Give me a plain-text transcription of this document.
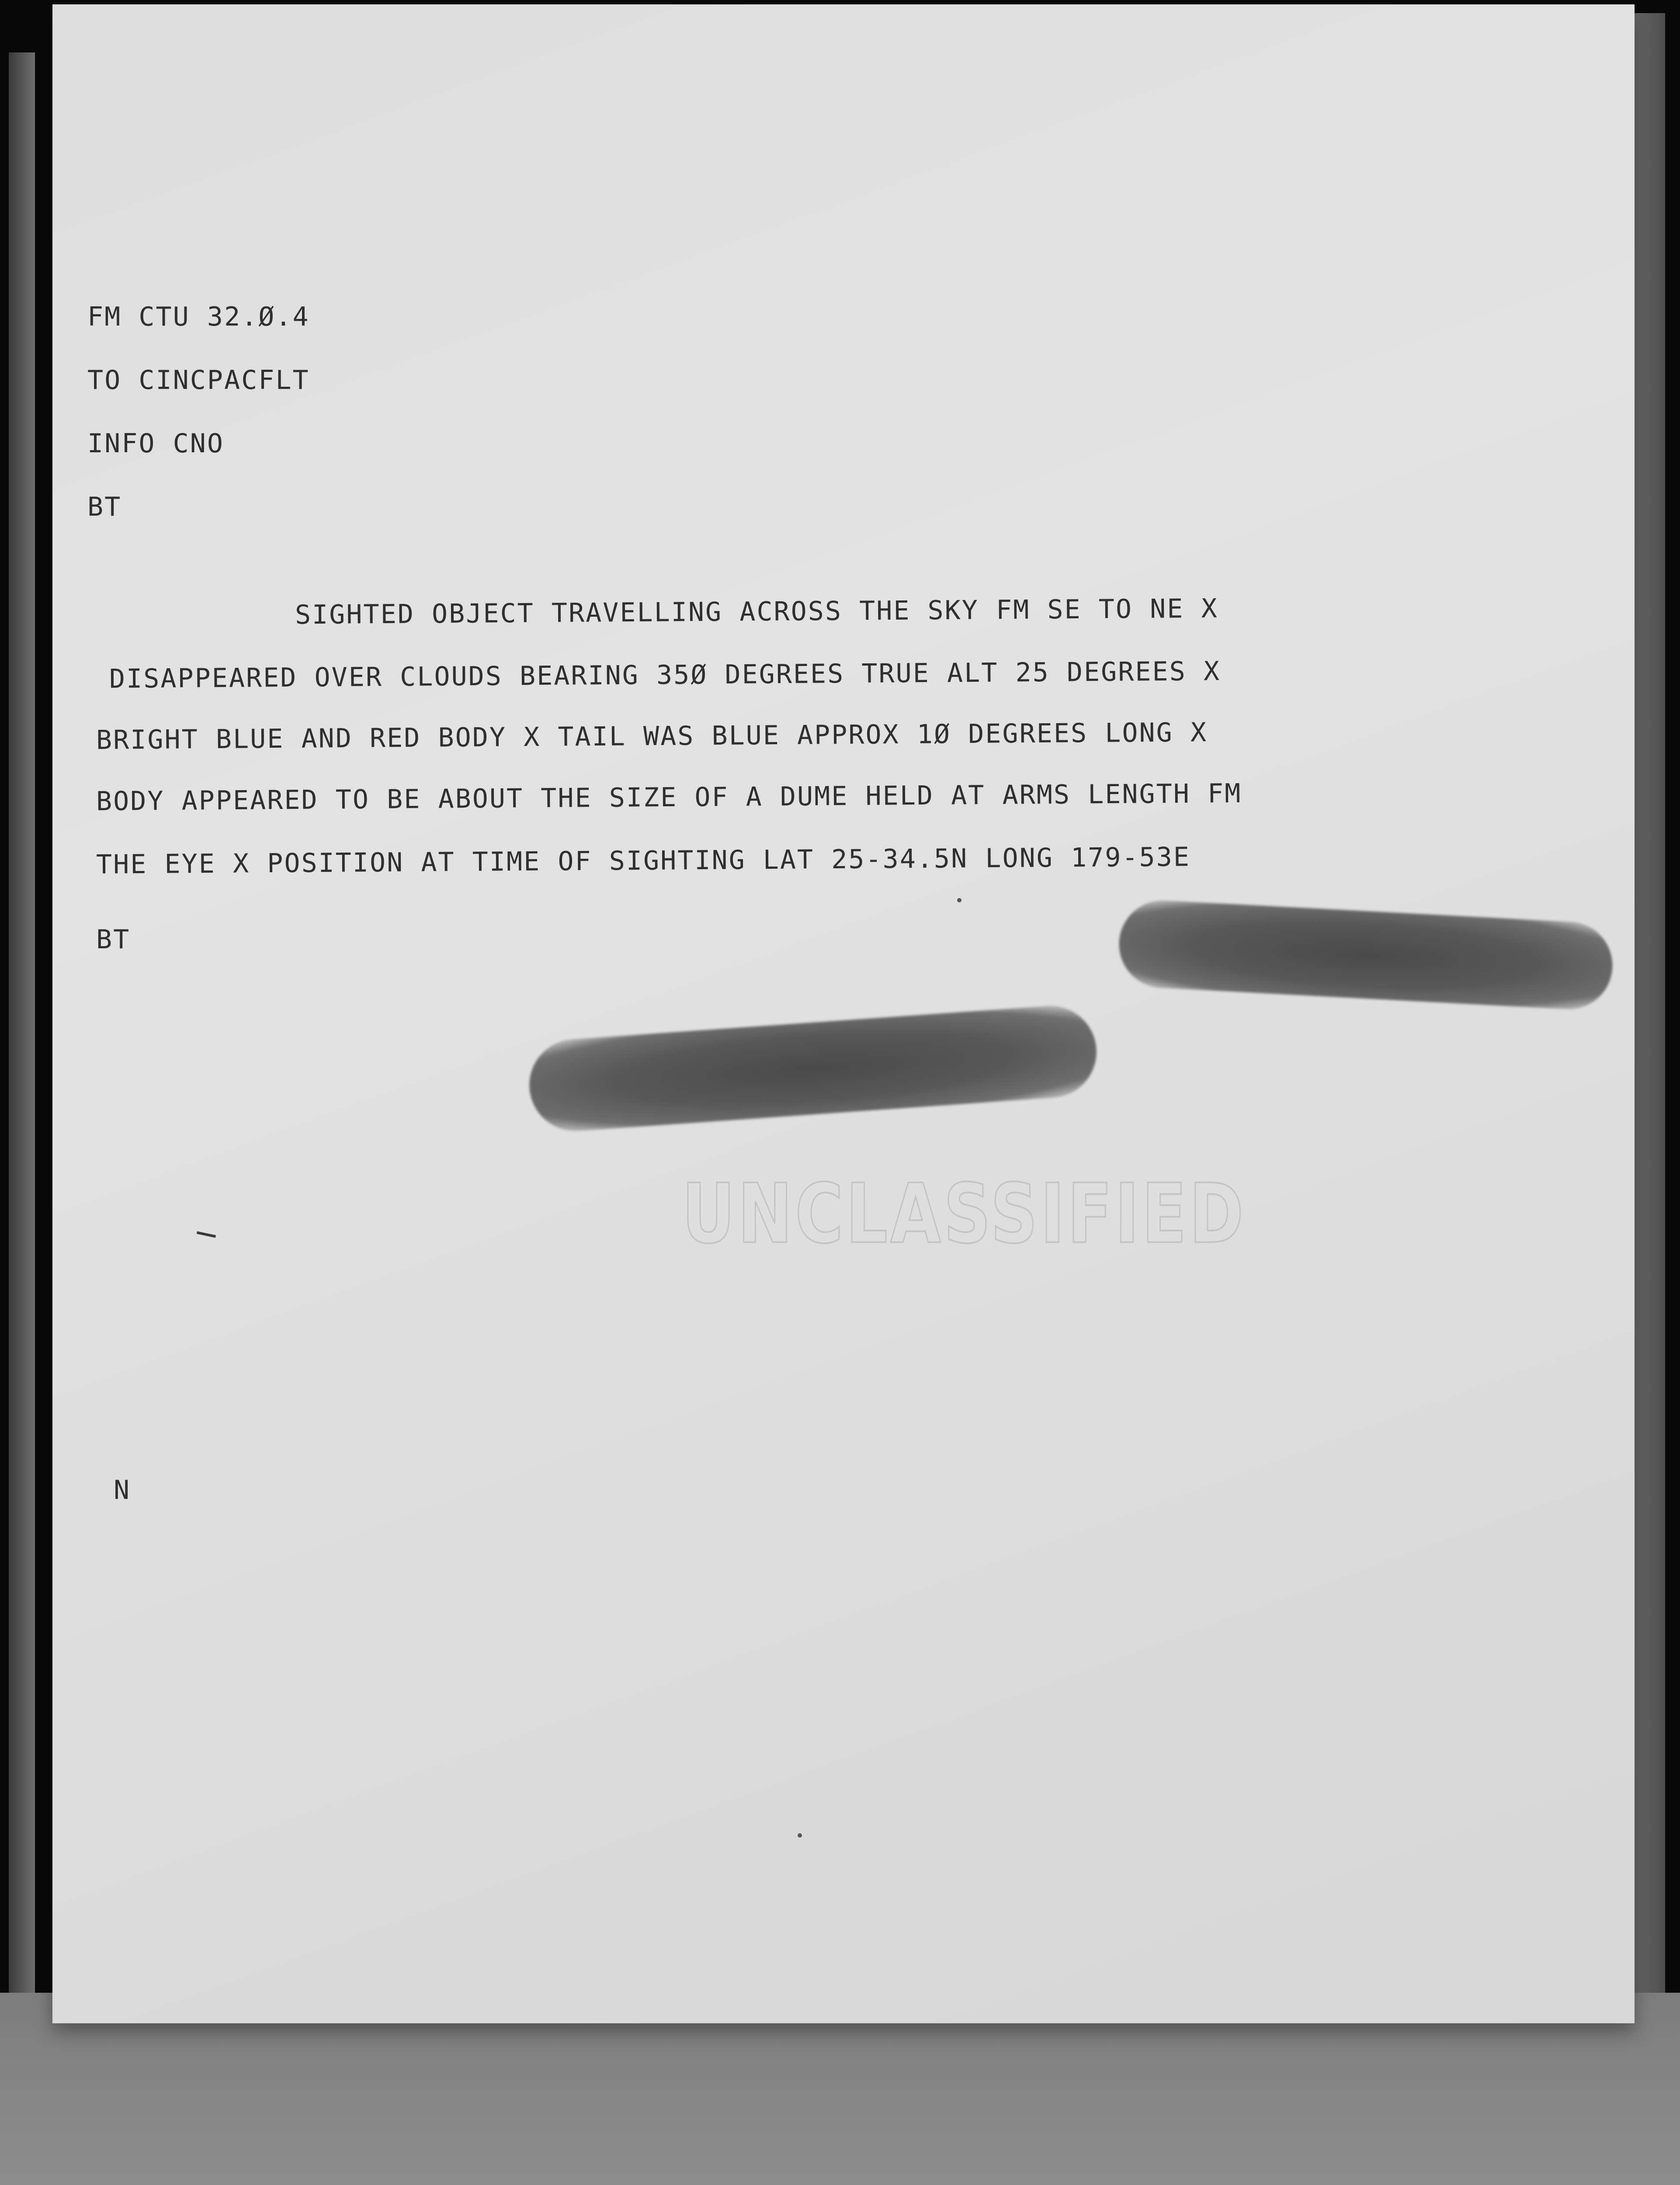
FM CTU 32.Ø.4

TO CINCPACFLT

INFO CNO

BT

SIGHTED OBJECT TRAVELLING ACROSS THE SKY FM SE TO NE X

DISAPPEARED OVER CLOUDS BEARING 35Ø DEGREES TRUE ALT 25 DEGREES X

BRIGHT BLUE AND RED BODY X TAIL WAS BLUE APPROX 1Ø DEGREES LONG X

BODY APPEARED TO BE ABOUT THE SIZE OF A DUME HELD AT ARMS LENGTH FM

THE EYE X POSITION AT TIME OF SIGHTING LAT 25-34.5N LONG 179-53E

BT

UNCLASSIFIED

N
